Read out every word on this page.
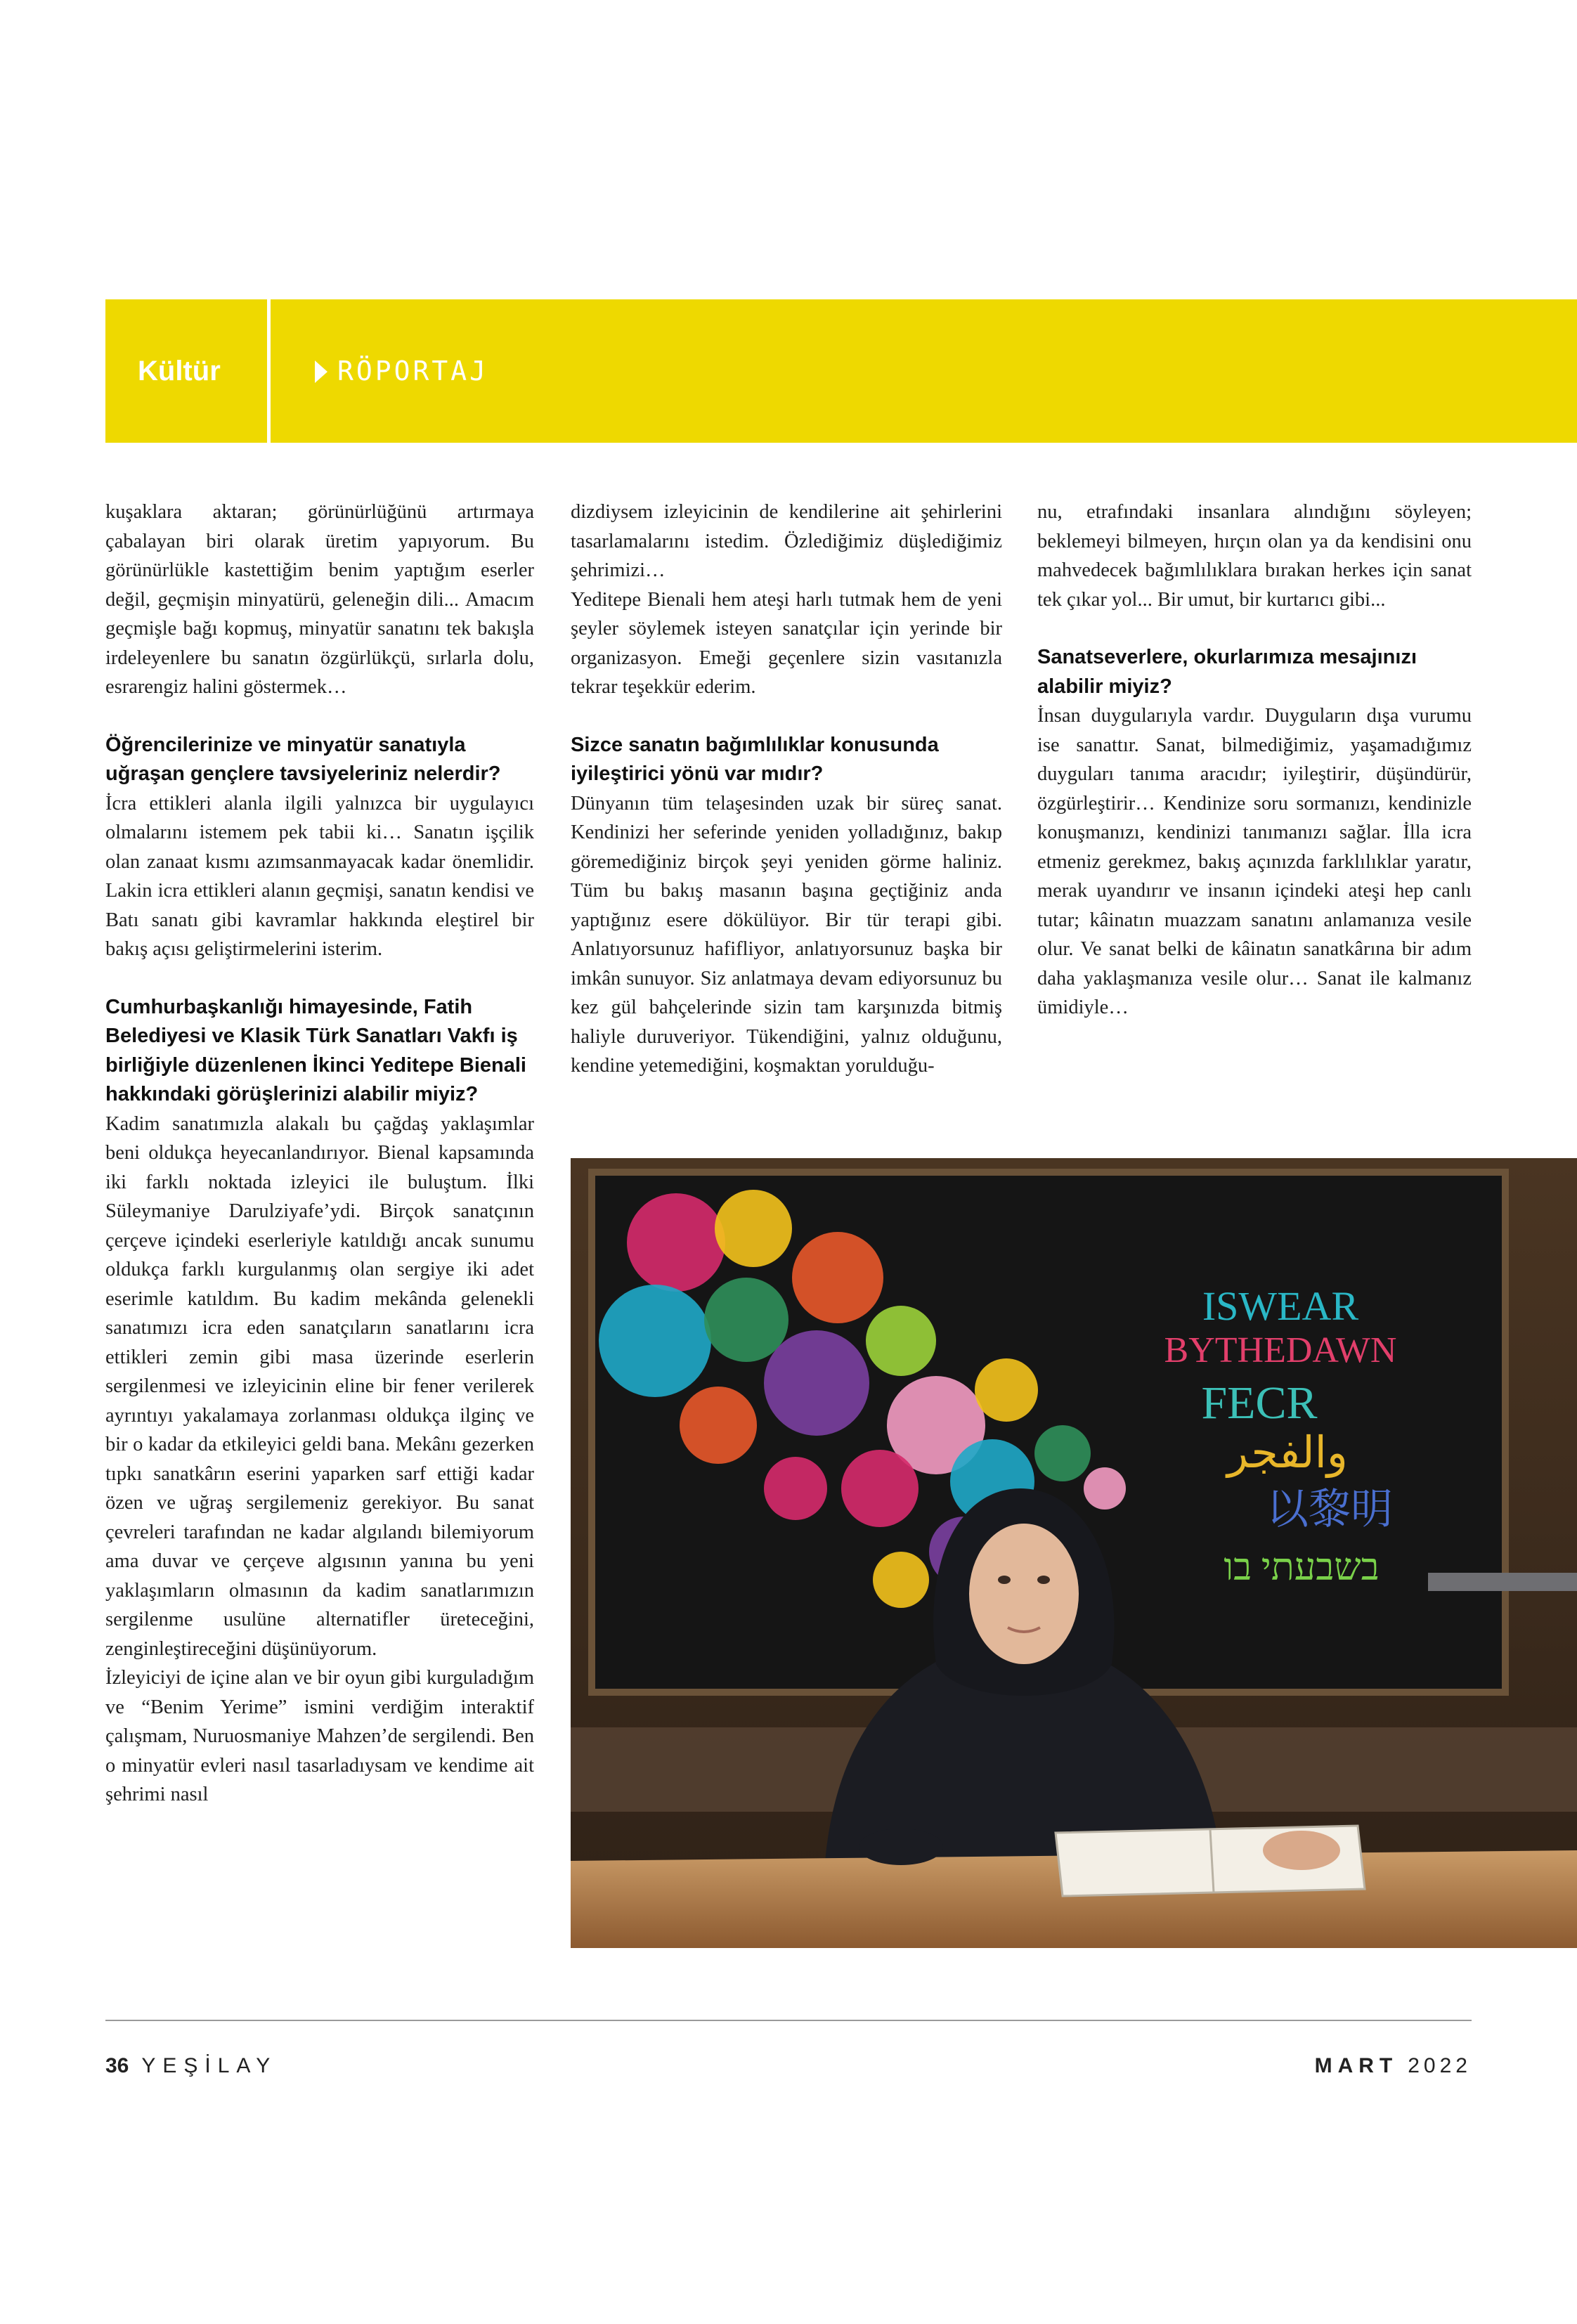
Kültür	RÖPORTAJ

kuşaklara aktaran; görünürlüğünü artırmaya çabalayan biri olarak üretim yapıyorum. Bu görünürlükle kastettiğim benim yaptığım eserler değil, geçmişin minyatürü, geleneğin dili... Amacım geçmişle bağı kopmuş, minyatür sanatını tek bakışla irdeleyenlere bu sanatın özgürlükçü, sırlarla dolu, esrarengiz halini göstermek…

Öğrencilerinize ve minyatür sanatıyla uğraşan gençlere tavsiyeleriniz nelerdir?

İcra ettikleri alanla ilgili yalnızca bir uygulayıcı olmalarını istemem pek tabii ki… Sanatın işçilik olan zanaat kısmı azımsanmayacak kadar önemlidir. Lakin icra ettikleri alanın geçmişi, sanatın kendisi ve Batı sanatı gibi kavramlar hakkında eleştirel bir bakış açısı geliştirmelerini isterim.

Cumhurbaşkanlığı himayesinde, Fatih Belediyesi ve Klasik Türk Sanatları Vakfı iş birliğiyle düzenlenen İkinci Yeditepe Bienali hakkındaki görüşlerinizi alabilir miyiz?

Kadim sanatımızla alakalı bu çağdaş yaklaşımlar beni oldukça heyecanlandırıyor. Bienal kapsamında iki farklı noktada izleyici ile buluştum. İlki Süleymaniye Darulziyafe’ydi. Birçok sanatçının çerçeve içindeki eserleriyle katıldığı ancak sunumu oldukça farklı kurgulanmış olan sergiye iki adet eserimle katıldım. Bu kadim mekânda gelenekli sanatımızı icra eden sanatçıların sanatlarını icra ettikleri zemin gibi masa üzerinde eserlerin sergilenmesi ve izleyicinin eline bir fener verilerek ayrıntıyı yakalamaya zorlanması oldukça ilginç ve bir o kadar da etkileyici geldi bana. Mekânı gezerken tıpkı sanatkârın eserini yaparken sarf ettiği kadar özen ve uğraş sergilemeniz gerekiyor. Bu sanat çevreleri tarafından ne kadar algılandı bilemiyorum ama duvar ve çerçeve algısının yanına bu yeni yaklaşımların olmasının da kadim sanatlarımızın sergilenme usulüne alternatifler üreteceğini, zenginleştireceğini düşünüyorum.

İzleyiciyi de içine alan ve bir oyun gibi kurguladığım ve “Benim Yerime” ismini verdiğim interaktif çalışmam, Nuruosmaniye Mahzen’de sergilendi. Ben o minyatür evleri nasıl tasarladıysam ve kendime ait şehrimi nasıl

dizdiysem izleyicinin de kendilerine ait şehirlerini tasarlamalarını istedim. Özlediğimiz düşlediğimiz şehrimizi…

Yeditepe Bienali hem ateşi harlı tutmak hem de yeni şeyler söylemek isteyen sanatçılar için yerinde bir organizasyon. Emeği geçenlere sizin vasıtanızla tekrar teşekkür ederim.

Sizce sanatın bağımlılıklar konusunda iyileştirici yönü var mıdır?

Dünyanın tüm telaşesinden uzak bir süreç sanat. Kendinizi her seferinde yeniden yolladığınız, bakıp göremediğiniz birçok şeyi yeniden görme haliniz. Tüm bu bakış masanın başına geçtiğiniz anda yaptığınız esere dökülüyor. Bir tür terapi gibi. Anlatıyorsunuz hafifliyor, anlatıyorsunuz başka bir imkân sunuyor. Siz anlatmaya devam ediyorsunuz bu kez gül bahçelerinde sizin tam karşınızda bitmiş haliyle duruveriyor. Tükendiğini, yalnız olduğunu, kendine yetemediğini, koşmaktan yorulduğu-

nu, etrafındaki insanlara alındığını söyleyen; beklemeyi bilmeyen, hırçın olan ya da kendisini onu mahvedecek bağımlılıklara bırakan herkes için sanat tek çıkar yol... Bir umut, bir kurtarıcı gibi...

Sanatseverlere, okurlarımıza mesajınızı alabilir miyiz?

İnsan duygularıyla vardır. Duyguların dışa vurumu ise sanattır. Sanat, bilmediğimiz, yaşamadığımız duyguları tanıma aracıdır; iyileştirir, düşündürür, özgürleştirir… Kendinize soru sormanızı, kendinizle konuşmanızı, kendinizi tanımanızı sağlar. İlla icra etmeniz gerekmez, bakış açınızda farklılıklar yaratır, merak uyandırır ve insanın içindeki ateşi hep canlı tutar; kâinatın muazzam sanatını anlamanıza vesile olur. Ve sanat belki de kâinatın sanatkârına bir adım daha yaklaşmanıza vesile olur… Sanat ile kalmanız ümidiyle…

ISWEAR
BYTHEDAWN
FECR
والفجر
以黎明
בשבעתי בו
36 YEŞİLAY	MART 2022
